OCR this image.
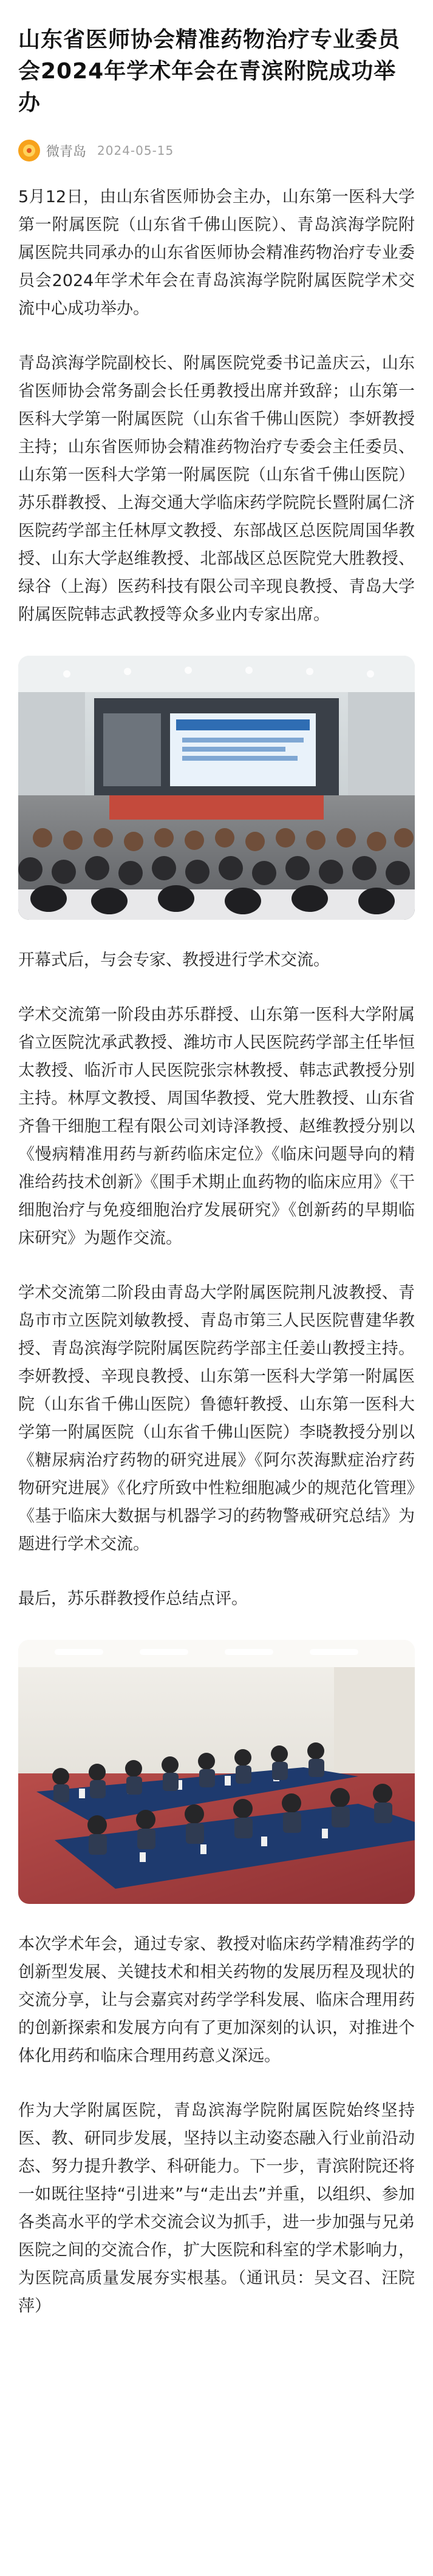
山东省医师协会精准药物治疗专业委员会2024年学术年会在青滨附院成功举办
微青岛 2024-05-15

5月12日，由山东省医师协会主办，山东第一医科大学第一附属医院（山东省千佛山医院）、青岛滨海学院附属医院共同承办的山东省医师协会精准药物治疗专业委员会2024年学术年会在青岛滨海学院附属医院学术交流中心成功举办。

青岛滨海学院副校长、附属医院党委书记盖庆云，山东省医师协会常务副会长任勇教授出席并致辞；山东第一医科大学第一附属医院（山东省千佛山医院）李妍教授主持；山东省医师协会精准药物治疗专委会主任委员、山东第一医科大学第一附属医院（山东省千佛山医院）苏乐群教授、上海交通大学临床药学院院长暨附属仁济医院药学部主任林厚文教授、东部战区总医院周国华教授、山东大学赵维教授、北部战区总医院党大胜教授、绿谷（上海）医药科技有限公司辛现良教授、青岛大学附属医院韩志武教授等众多业内专家出席。

开幕式后，与会专家、教授进行学术交流。

学术交流第一阶段由苏乐群授、山东第一医科大学附属省立医院沈承武教授、潍坊市人民医院药学部主任毕恒太教授、临沂市人民医院张宗林教授、韩志武教授分别主持。林厚文教授、周国华教授、党大胜教授、山东省齐鲁干细胞工程有限公司刘诗泽教授、赵维教授分别以《慢病精准用药与新药临床定位》《临床问题导向的精准给药技术创新》《围手术期止血药物的临床应用》《干细胞治疗与免疫细胞治疗发展研究》《创新药的早期临床研究》为题作交流。

学术交流第二阶段由青岛大学附属医院荆凡波教授、青岛市市立医院刘敏教授、青岛市第三人民医院曹建华教授、青岛滨海学院附属医院药学部主任姜山教授主持。李妍教授、辛现良教授、山东第一医科大学第一附属医院（山东省千佛山医院）鲁德轩教授、山东第一医科大学第一附属医院（山东省千佛山医院）李晓教授分别以《糖尿病治疗药物的研究进展》《阿尔茨海默症治疗药物研究进展》《化疗所致中性粒细胞减少的规范化管理》《基于临床大数据与机器学习的药物警戒研究总结》为题进行学术交流。

最后，苏乐群教授作总结点评。

本次学术年会，通过专家、教授对临床药学精准药学的创新型发展、关键技术和相关药物的发展历程及现状的交流分享，让与会嘉宾对药学学科发展、临床合理用药的创新探索和发展方向有了更加深刻的认识，对推进个体化用药和临床合理用药意义深远。

作为大学附属医院，青岛滨海学院附属医院始终坚持医、教、研同步发展，坚持以主动姿态融入行业前沿动态、努力提升教学、科研能力。下一步，青滨附院还将一如既往坚持“引进来”与“走出去”并重，以组织、参加各类高水平的学术交流会议为抓手，进一步加强与兄弟医院之间的交流合作，扩大医院和科室的学术影响力，为医院高质量发展夯实根基。（通讯员：吴文召、汪院萍）
